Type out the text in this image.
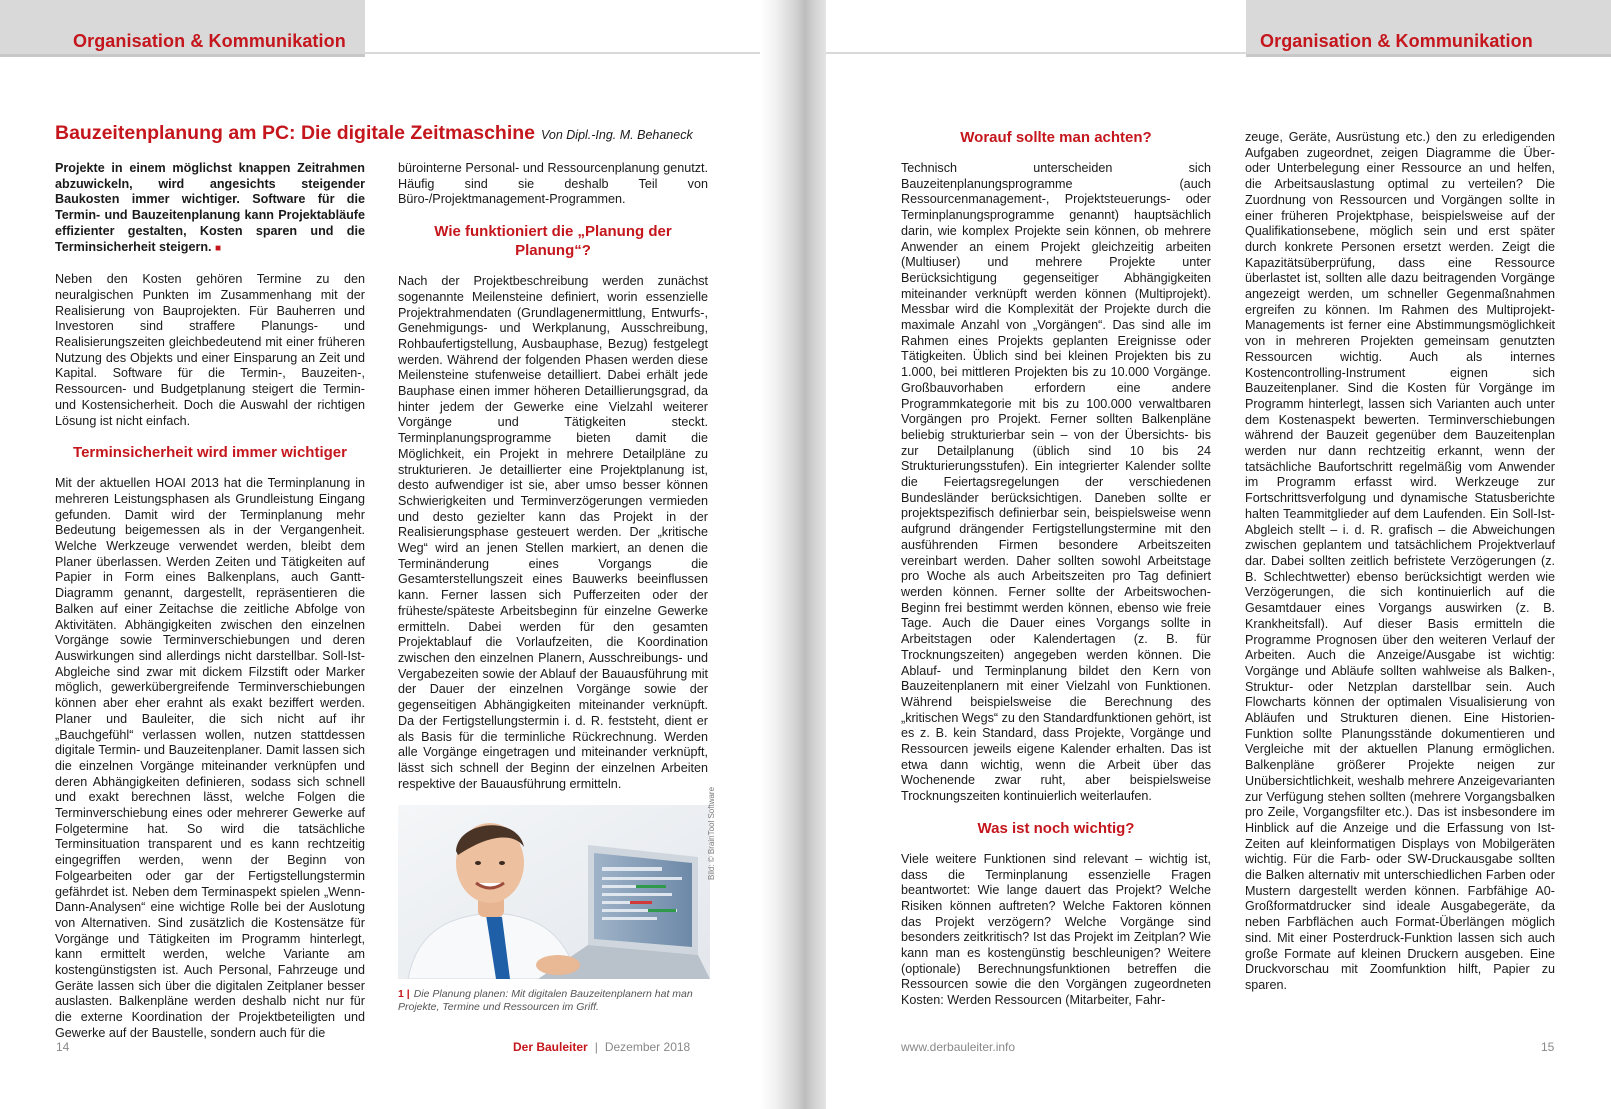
Organisation & Kommunikation
Bauzeitenplanung am PC: Die digitale Zeitmaschine Von Dipl.-Ing. M. Behaneck

Projekte in einem möglichst knappen Zeitrahmen abzuwickeln, wird angesichts steigender Baukosten immer wichtiger. Software für die Termin- und Bauzeitenplanung kann Projektabläufe effizienter gestalten, Kosten sparen und die Terminsicherheit steigern. ■

Neben den Kosten gehören Termine zu den neuralgischen Punkten im Zusammenhang mit der Realisierung von Bauprojekten. Für Bauherren und Investoren sind straffere Planungs- und Realisierungszeiten gleichbedeutend mit einer früheren Nutzung des Objekts und einer Einsparung an Zeit und Kapital. Software für die Termin-, Bauzeiten-, Ressourcen- und Budgetplanung steigert die Termin- und Kostensicherheit. Doch die Auswahl der richtigen Lösung ist nicht einfach.

Terminsicherheit wird immer wichtiger

Mit der aktuellen HOAI 2013 hat die Terminplanung in mehreren Leistungsphasen als Grundleistung Eingang gefunden. Damit wird der Terminplanung mehr Bedeutung beigemessen als in der Vergangenheit. Welche Werkzeuge verwendet werden, bleibt dem Planer überlassen. Werden Zeiten und Tätigkeiten auf Papier in Form eines Balkenplans, auch Gantt-Diagramm genannt, dargestellt, repräsentieren die Balken auf einer Zeitachse die zeitliche Abfolge von Aktivitäten. Abhängigkeiten zwischen den einzelnen Vorgänge sowie Terminverschiebungen und deren Auswirkungen sind allerdings nicht darstellbar. Soll-Ist-Abgleiche sind zwar mit dickem Filzstift oder Marker möglich, gewerkübergreifende Terminverschiebungen können aber eher erahnt als exakt beziffert werden. Planer und Bauleiter, die sich nicht auf ihr „Bauchgefühl“ verlassen wollen, nutzen stattdessen digitale Termin- und Bauzeitenplaner. Damit lassen sich die einzelnen Vorgänge miteinander verknüpfen und deren Abhängigkeiten definieren, sodass sich schnell und exakt berechnen lässt, welche Folgen die Terminverschiebung eines oder mehrerer Gewerke auf Folgetermine hat. So wird die tatsächliche Terminsituation transparent und es kann rechtzeitig eingegriffen werden, wenn der Beginn von Folgearbeiten oder gar der Fertigstellungstermin gefährdet ist. Neben dem Terminaspekt spielen „Wenn-Dann-Analysen“ eine wichtige Rolle bei der Auslotung von Alternativen. Sind zusätzlich die Kostensätze für Vorgänge und Tätigkeiten im Programm hinterlegt, kann ermittelt werden, welche Variante am kostengünstigsten ist. Auch Personal, Fahrzeuge und Geräte lassen sich über die digitalen Zeitplaner besser auslasten. Balkenpläne werden deshalb nicht nur für die externe Koordination der Projektbeteiligten und Gewerke auf der Baustelle, sondern auch für die

bürointerne Personal- und Ressourcenplanung genutzt. Häufig sind sie deshalb Teil von Büro-/Projektmanagement-Programmen.

Wie funktioniert die „Planung der Planung“?

Nach der Projektbeschreibung werden zunächst sogenannte Meilensteine definiert, worin essenzielle Projektrahmendaten (Grundlagenermittlung, Entwurfs-, Genehmigungs- und Werkplanung, Ausschreibung, Rohbaufertigstellung, Ausbauphase, Bezug) festgelegt werden. Während der folgenden Phasen werden diese Meilensteine stufenweise detailliert. Dabei erhält jede Bauphase einen immer höheren Detaillierungsgrad, da hinter jedem der Gewerke eine Vielzahl weiterer Vorgänge und Tätigkeiten steckt. Terminplanungsprogramme bieten damit die Möglichkeit, ein Projekt in mehrere Detailpläne zu strukturieren. Je detaillierter eine Projektplanung ist, desto aufwendiger ist sie, aber umso besser können Schwierigkeiten und Terminverzögerungen vermieden und desto gezielter kann das Projekt in der Realisierungsphase gesteuert werden. Der „kritische Weg“ wird an jenen Stellen markiert, an denen die Terminänderung eines Vorgangs die Gesamterstellungszeit eines Bauwerks beeinflussen kann. Ferner lassen sich Pufferzeiten oder der früheste/späteste Arbeitsbeginn für einzelne Gewerke ermitteln. Dabei werden für den gesamten Projektablauf die Vorlaufzeiten, die Koordination zwischen den einzelnen Planern, Ausschreibungs- und Vergabezeiten sowie der Ablauf der Bauausführung mit der Dauer der einzelnen Vorgänge sowie der gegenseitigen Abhängigkeiten miteinander verknüpft. Da der Fertigstellungstermin i. d. R. feststeht, dient er als Basis für die terminliche Rückrechnung. Werden alle Vorgänge eingetragen und miteinander verknüpft, lässt sich schnell der Beginn der einzelnen Arbeiten respektive der Bauausführung ermitteln.

Bild: © BrainTool Software
1 | Die Planung planen: Mit digitalen Bauzeitenplanern hat man Projekte, Termine und Ressourcen im Griff.
14	Der Bauleiter | Dezember 2018
Organisation & Kommunikation
Worauf sollte man achten?

Technisch unterscheiden sich Bauzeitenplanungsprogramme (auch Ressourcenmanagement-, Projektsteuerungs- oder Terminplanungsprogramme genannt) hauptsächlich darin, wie komplex Projekte sein können, ob mehrere Anwender an einem Projekt gleichzeitig arbeiten (Multiuser) und mehrere Projekte unter Berücksichtigung gegenseitiger Abhängigkeiten miteinander verknüpft werden können (Multiprojekt). Messbar wird die Komplexität der Projekte durch die maximale Anzahl von „Vorgängen“. Das sind alle im Rahmen eines Projekts geplanten Ereignisse oder Tätigkeiten. Üblich sind bei kleinen Projekten bis zu 1.000, bei mittleren Projekten bis zu 10.000 Vorgänge. Großbauvorhaben erfordern eine andere Programmkategorie mit bis zu 100.000 verwaltbaren Vorgängen pro Projekt. Ferner sollten Balkenpläne beliebig strukturierbar sein – von der Übersichts- bis zur Detailplanung (üblich sind 10 bis 24 Strukturierungsstufen). Ein integrierter Kalender sollte die Feiertagsregelungen der verschiedenen Bundesländer berücksichtigen. Daneben sollte er projektspezifisch definierbar sein, beispielsweise wenn aufgrund drängender Fertigstellungstermine mit den ausführenden Firmen besondere Arbeitszeiten vereinbart werden. Daher sollten sowohl Arbeitstage pro Woche als auch Arbeitszeiten pro Tag definiert werden können. Ferner sollte der Arbeitswochen-Beginn frei bestimmt werden können, ebenso wie freie Tage. Auch die Dauer eines Vorgangs sollte in Arbeitstagen oder Kalendertagen (z. B. für Trocknungszeiten) angegeben werden können. Die Ablauf- und Terminplanung bildet den Kern von Bauzeitenplanern mit einer Vielzahl von Funktionen. Während beispielsweise die Berechnung des „kritischen Wegs“ zu den Standardfunktionen gehört, ist es z. B. kein Standard, dass Projekte, Vorgänge und Ressourcen jeweils eigene Kalender erhalten. Das ist etwa dann wichtig, wenn die Arbeit über das Wochenende zwar ruht, aber beispielsweise Trocknungszeiten kontinuierlich weiterlaufen.

Was ist noch wichtig?

Viele weitere Funktionen sind relevant – wichtig ist, dass die Terminplanung essenzielle Fragen beantwortet: Wie lange dauert das Projekt? Welche Risiken können auftreten? Welche Faktoren können das Projekt verzögern? Welche Vorgänge sind besonders zeitkritisch? Ist das Projekt im Zeitplan? Wie kann man es kostengünstig beschleunigen? Weitere (optionale) Berechnungsfunktionen betreffen die Ressourcen sowie die den Vorgängen zugeordneten Kosten: Werden Ressourcen (Mitarbeiter, Fahr-

zeuge, Geräte, Ausrüstung etc.) den zu erledigenden Aufgaben zugeordnet, zeigen Diagramme die Über- oder Unterbelegung einer Ressource an und helfen, die Arbeitsauslastung optimal zu verteilen? Die Zuordnung von Ressourcen und Vorgängen sollte in einer früheren Projektphase, beispielsweise auf der Qualifikationsebene, möglich sein und erst später durch konkrete Personen ersetzt werden. Zeigt die Kapazitätsüberprüfung, dass eine Ressource überlastet ist, sollten alle dazu beitragenden Vorgänge angezeigt werden, um schneller Gegenmaßnahmen ergreifen zu können. Im Rahmen des Multiprojekt-Managements ist ferner eine Abstimmungsmöglichkeit von in mehreren Projekten gemeinsam genutzten Ressourcen wichtig. Auch als internes Kostencontrolling-Instrument eignen sich Bauzeitenplaner. Sind die Kosten für Vorgänge im Programm hinterlegt, lassen sich Varianten auch unter dem Kostenaspekt bewerten. Terminverschiebungen während der Bauzeit gegenüber dem Bauzeitenplan werden nur dann rechtzeitig erkannt, wenn der tatsächliche Baufortschritt regelmäßig vom Anwender im Programm erfasst wird. Werkzeuge zur Fortschrittsverfolgung und dynamische Statusberichte halten Teammitglieder auf dem Laufenden. Ein Soll-Ist-Abgleich stellt – i. d. R. grafisch – die Abweichungen zwischen geplantem und tatsächlichem Projektverlauf dar. Dabei sollten zeitlich befristete Verzögerungen (z. B. Schlechtwetter) ebenso berücksichtigt werden wie Verzögerungen, die sich kontinuierlich auf die Gesamtdauer eines Vorgangs auswirken (z. B. Krankheitsfall). Auf dieser Basis ermitteln die Programme Prognosen über den weiteren Verlauf der Arbeiten. Auch die Anzeige/Ausgabe ist wichtig: Vorgänge und Abläufe sollten wahlweise als Balken-, Struktur- oder Netzplan darstellbar sein. Auch Flowcharts können der optimalen Visualisierung von Abläufen und Strukturen dienen. Eine Historien-Funktion sollte Planungsstände dokumentieren und Vergleiche mit der aktuellen Planung ermöglichen. Balkenpläne größerer Projekte neigen zur Unübersichtlichkeit, weshalb mehrere Anzeigevarianten zur Verfügung stehen sollten (mehrere Vorgangsbalken pro Zeile, Vorgangsfilter etc.). Das ist insbesondere im Hinblick auf die Anzeige und die Erfassung von Ist-Zeiten auf kleinformatigen Displays von Mobilgeräten wichtig. Für die Farb- oder SW-Druckausgabe sollten die Balken alternativ mit unterschiedlichen Farben oder Mustern dargestellt werden können. Farbfähige A0-Großformatdrucker sind ideale Ausgabegeräte, da neben Farbflächen auch Format-Überlängen möglich sind. Mit einer Posterdruck-Funktion lassen sich auch große Formate auf kleinen Druckern ausgeben. Eine Druckvorschau mit Zoomfunktion hilft, Papier zu sparen.

www.derbauleiter.info	15
